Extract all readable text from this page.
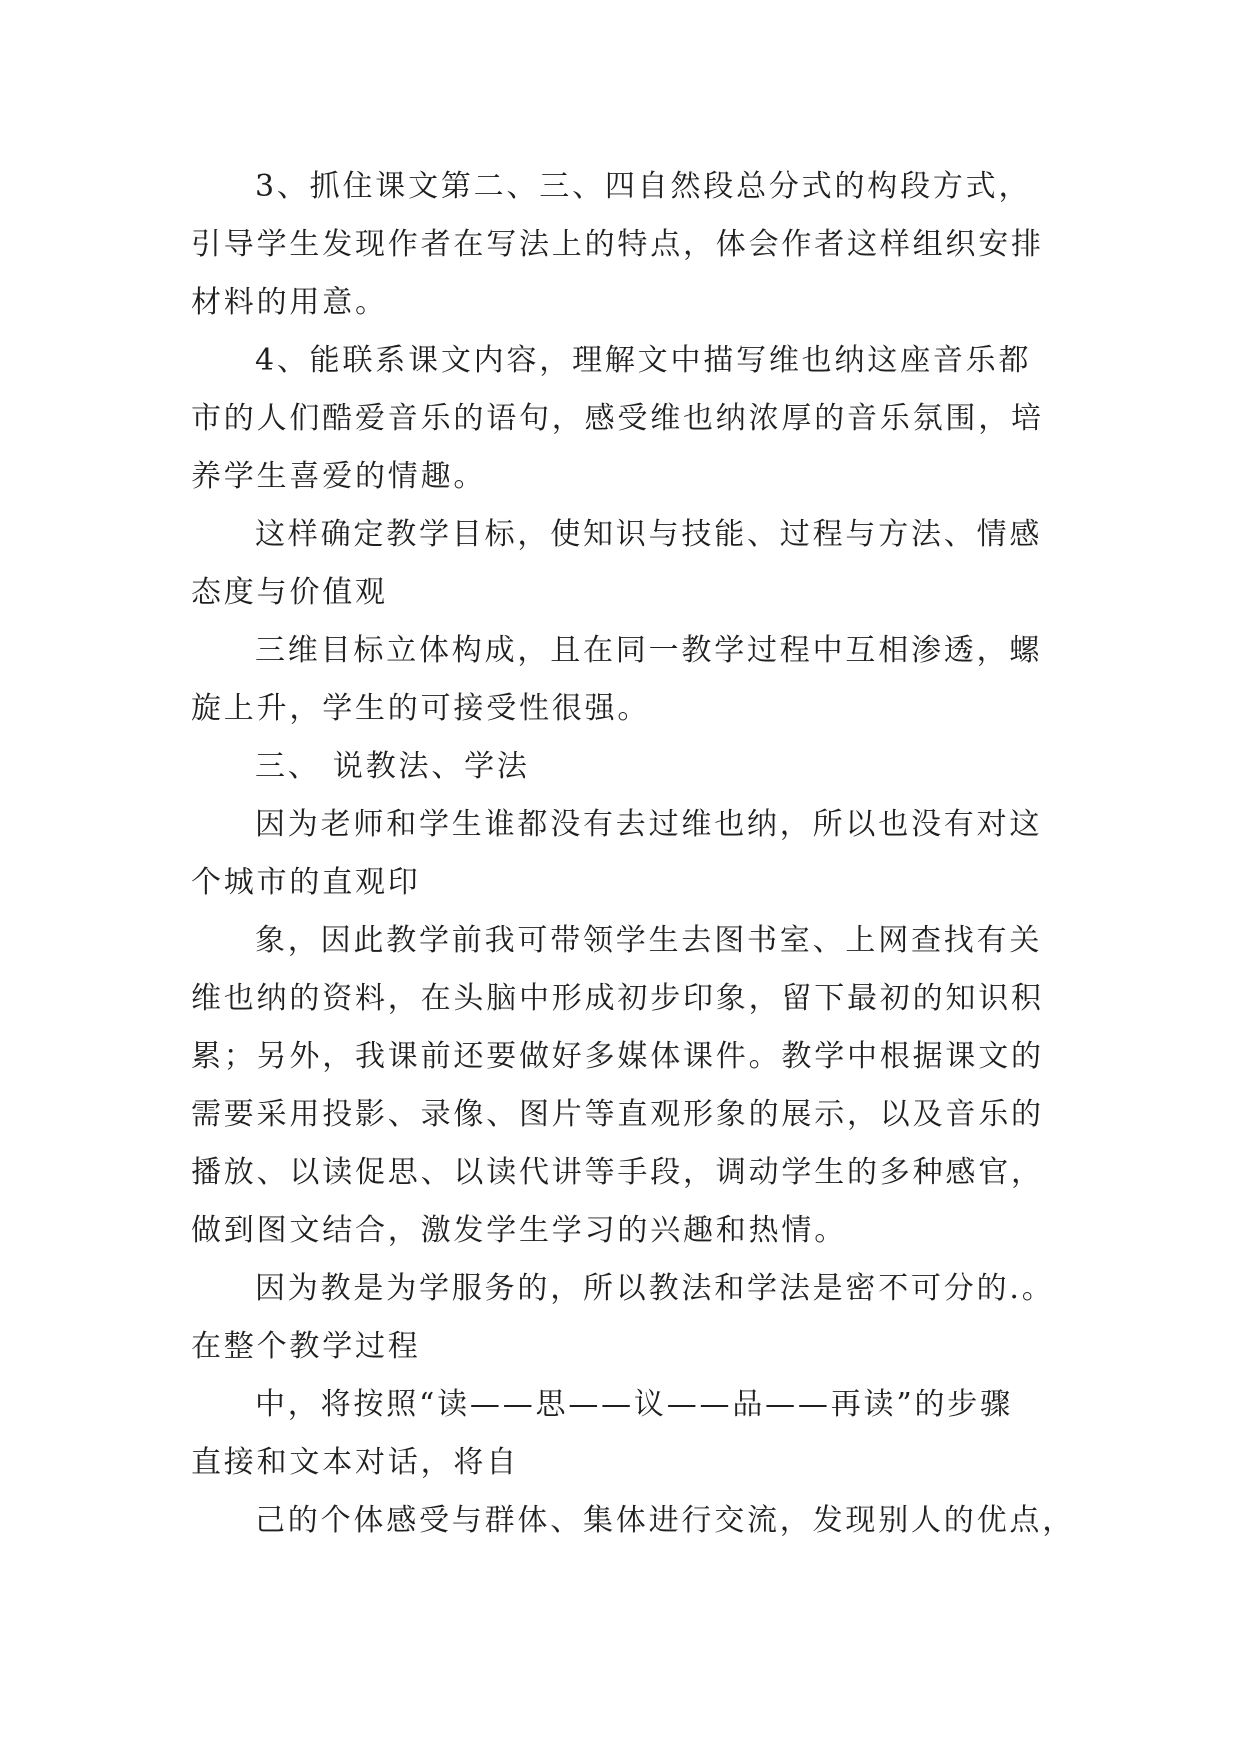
3、抓住课文第二、三、四自然段总分式的构段方式，
引导学生发现作者在写法上的特点，体会作者这样组织安排
材料的用意。
4、能联系课文内容，理解文中描写维也纳这座音乐都
市的人们酷爱音乐的语句，感受维也纳浓厚的音乐氛围，培
养学生喜爱的情趣。
这样确定教学目标，使知识与技能、过程与方法、情感
态度与价值观
三维目标立体构成，且在同一教学过程中互相渗透，螺
旋上升，学生的可接受性很强。
三、 说教法、学法
因为老师和学生谁都没有去过维也纳，所以也没有对这
个城市的直观印
象，因此教学前我可带领学生去图书室、上网查找有关
维也纳的资料，在头脑中形成初步印象，留下最初的知识积
累；另外，我课前还要做好多媒体课件。教学中根据课文的
需要采用投影、录像、图片等直观形象的展示，以及音乐的
播放、以读促思、以读代讲等手段，调动学生的多种感官，
做到图文结合，激发学生学习的兴趣和热情。
因为教是为学服务的，所以教法和学法是密不可分的.。
在整个教学过程
中，将按照“读——思——议——品——再读”的步骤
直接和文本对话，将自
己的个体感受与群体、集体进行交流，发现别人的优点，
